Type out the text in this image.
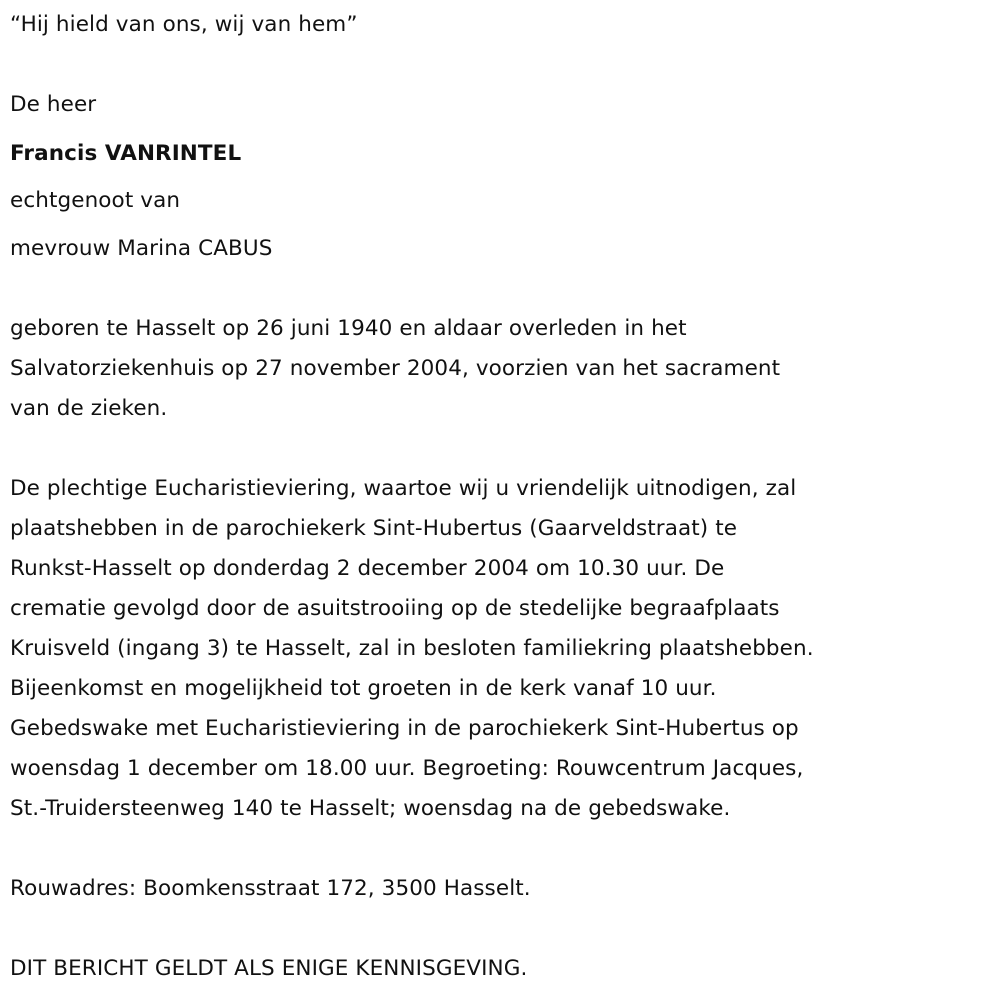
“Hij hield van ons, wij van hem”
De heer
Francis VANRINTEL
echtgenoot van
mevrouw Marina CABUS
geboren te Hasselt op 26 juni 1940 en aldaar overleden in het
Salvatorziekenhuis op 27 november 2004, voorzien van het sacrament
van de zieken.
De plechtige Eucharistieviering, waartoe wij u vriendelijk uitnodigen, zal
plaatshebben in de parochiekerk Sint-Hubertus (Gaarveldstraat) te
Runkst-Hasselt op donderdag 2 december 2004 om 10.30 uur. De
crematie gevolgd door de asuitstrooiing op de stedelijke begraafplaats
Kruisveld (ingang 3) te Hasselt, zal in besloten familiekring plaatshebben.
Bijeenkomst en mogelijkheid tot groeten in de kerk vanaf 10 uur.
Gebedswake met Eucharistieviering in de parochiekerk Sint-Hubertus op
woensdag 1 december om 18.00 uur. Begroeting: Rouwcentrum Jacques,
St.-Truidersteenweg 140 te Hasselt; woensdag na de gebedswake.
Rouwadres: Boomkensstraat 172, 3500 Hasselt.
DIT BERICHT GELDT ALS ENIGE KENNISGEVING.
